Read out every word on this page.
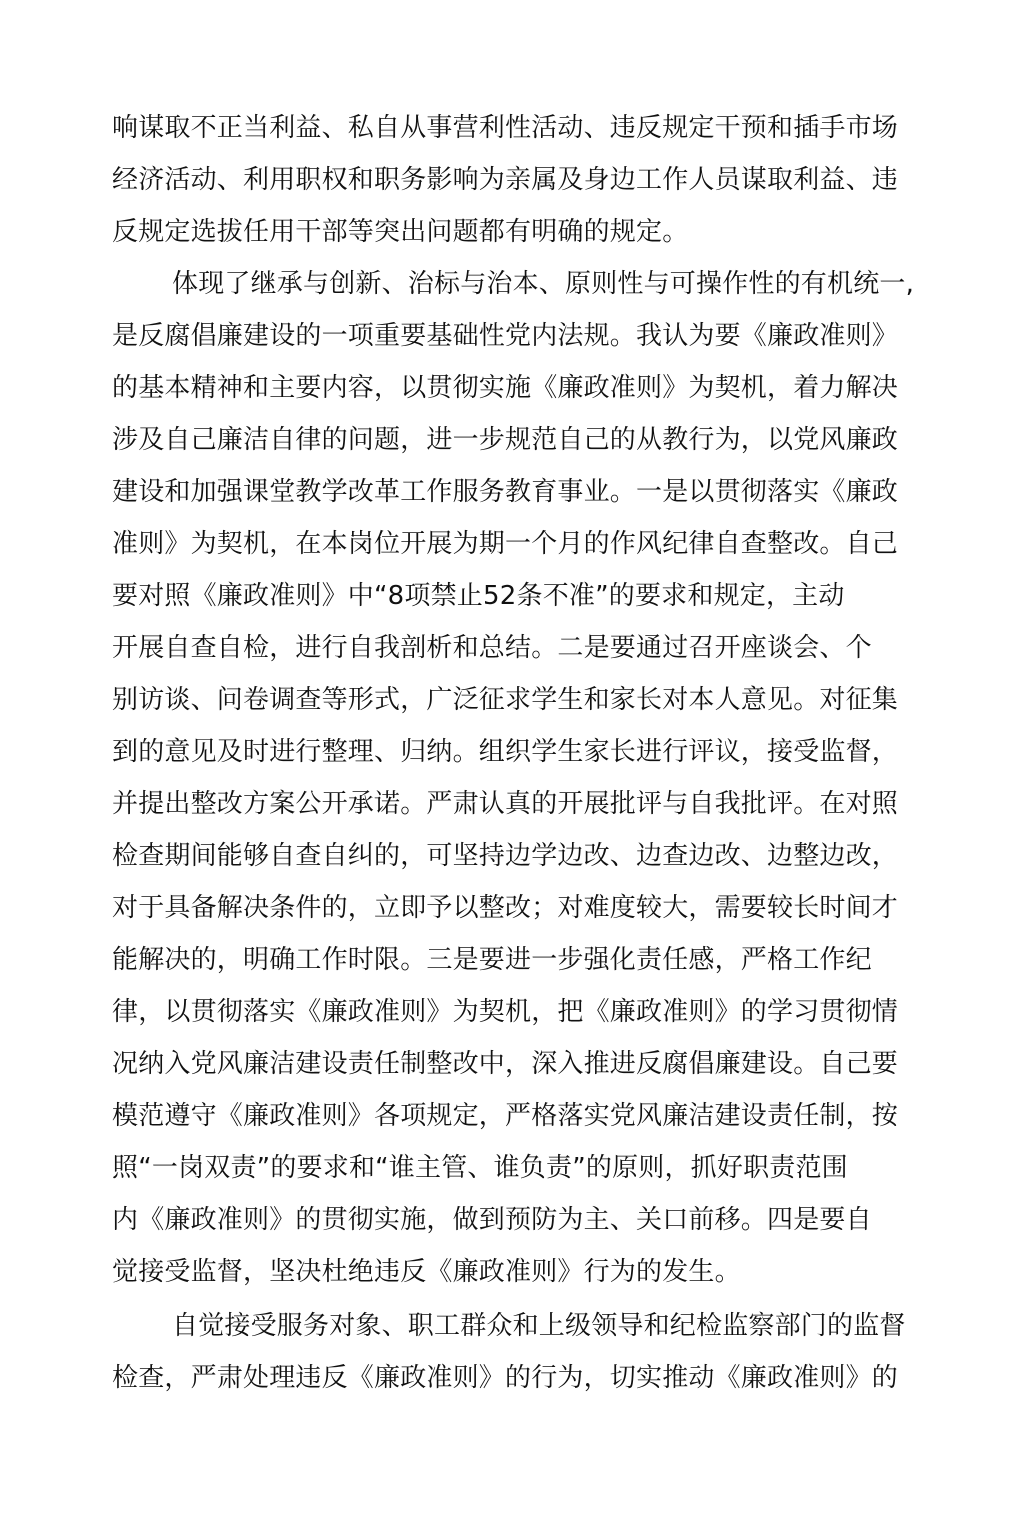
响谋取不正当利益、私自从事营利性活动、违反规定干预和插手市场
经济活动、利用职权和职务影响为亲属及身边工作人员谋取利益、违
反规定选拔任用干部等突出问题都有明确的规定。
体现了继承与创新、治标与治本、原则性与可操作性的有机统一,
是反腐倡廉建设的一项重要基础性党内法规。我认为要《廉政准则》
的基本精神和主要内容，以贯彻实施《廉政准则》为契机，着力解决
涉及自己廉洁自律的问题，进一步规范自己的从教行为，以党风廉政
建设和加强课堂教学改革工作服务教育事业。一是以贯彻落实《廉政
准则》为契机，在本岗位开展为期一个月的作风纪律自查整改。自己
要对照《廉政准则》中“8项禁止52条不准”的要求和规定，主动
开展自查自检，进行自我剖析和总结。二是要通过召开座谈会、个
别访谈、问卷调查等形式，广泛征求学生和家长对本人意见。对征集
到的意见及时进行整理、归纳。组织学生家长进行评议，接受监督，
并提出整改方案公开承诺。严肃认真的开展批评与自我批评。在对照
检查期间能够自查自纠的，可坚持边学边改、边查边改、边整边改，
对于具备解决条件的，立即予以整改；对难度较大，需要较长时间才
能解决的，明确工作时限。三是要进一步强化责任感，严格工作纪
律，以贯彻落实《廉政准则》为契机，把《廉政准则》的学习贯彻情
况纳入党风廉洁建设责任制整改中，深入推进反腐倡廉建设。自己要
模范遵守《廉政准则》各项规定，严格落实党风廉洁建设责任制，按
照“一岗双责”的要求和“谁主管、谁负责”的原则，抓好职责范围
内《廉政准则》的贯彻实施，做到预防为主、关口前移。四是要自
觉接受监督，坚决杜绝违反《廉政准则》行为的发生。
自觉接受服务对象、职工群众和上级领导和纪检监察部门的监督
检查，严肃处理违反《廉政准则》的行为，切实推动《廉政准则》的
